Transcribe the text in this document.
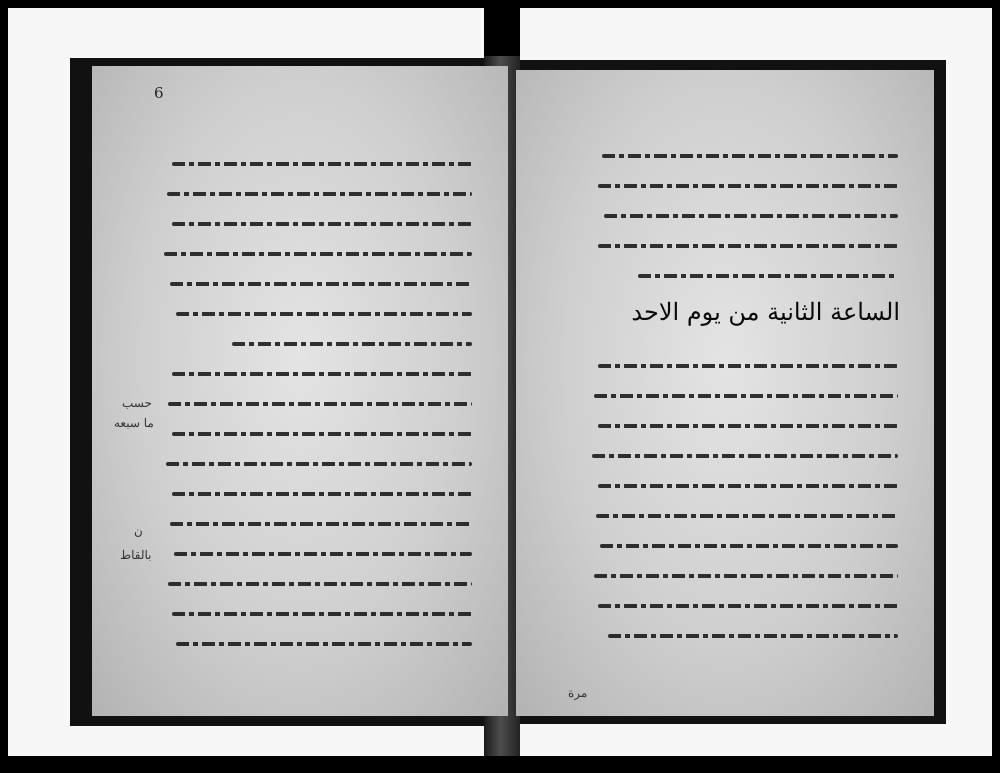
6
حسب
ما سبعه
ن
بالقاط
الساعة الثانية من يوم الاحد
مرة
